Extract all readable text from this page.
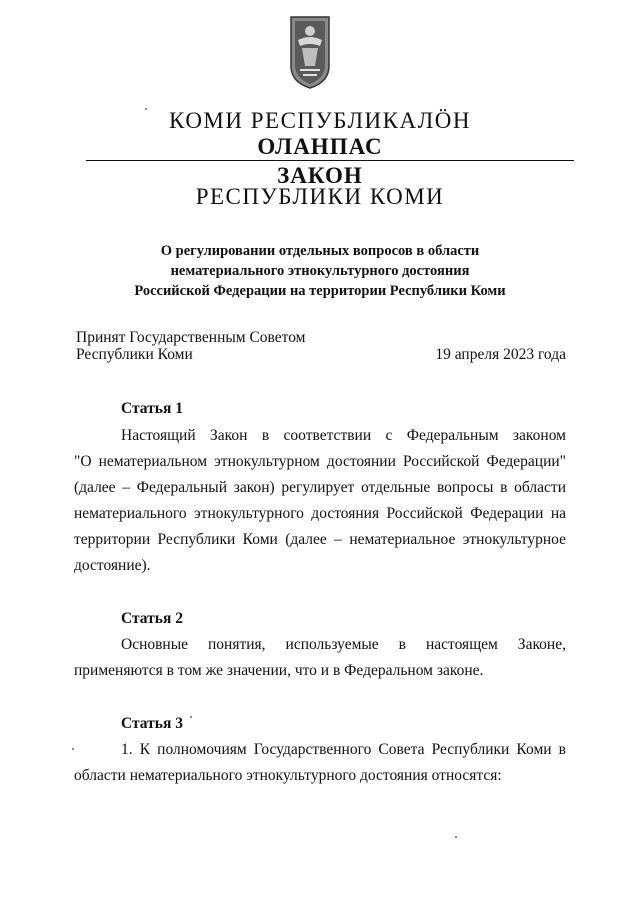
КОМИ РЕСПУБЛИКАЛӦН
ОЛАНПАС
ЗАКОН
РЕСПУБЛИКИ КОМИ
О регулировании отдельных вопросов в области
нематериального этнокультурного достояния
Российской Федерации на территории Республики Коми
Принят Государственным Советом
Республики Коми	19 апреля 2023 года
Статья 1
Настоящий Закон в соответствии с Федеральным законом
"О нематериальном этнокультурном достоянии Российской Федерации"
(далее – Федеральный закон) регулирует отдельные вопросы в области
нематериального этнокультурного достояния Российской Федерации на
территории Республики Коми (далее – нематериальное этнокультурное
достояние).
Статья 2
Основные понятия, используемые в настоящем Законе,
применяются в том же значении, что и в Федеральном законе.
Статья 3
1. К полномочиям Государственного Совета Республики Коми в
области нематериального этнокультурного достояния относятся:
